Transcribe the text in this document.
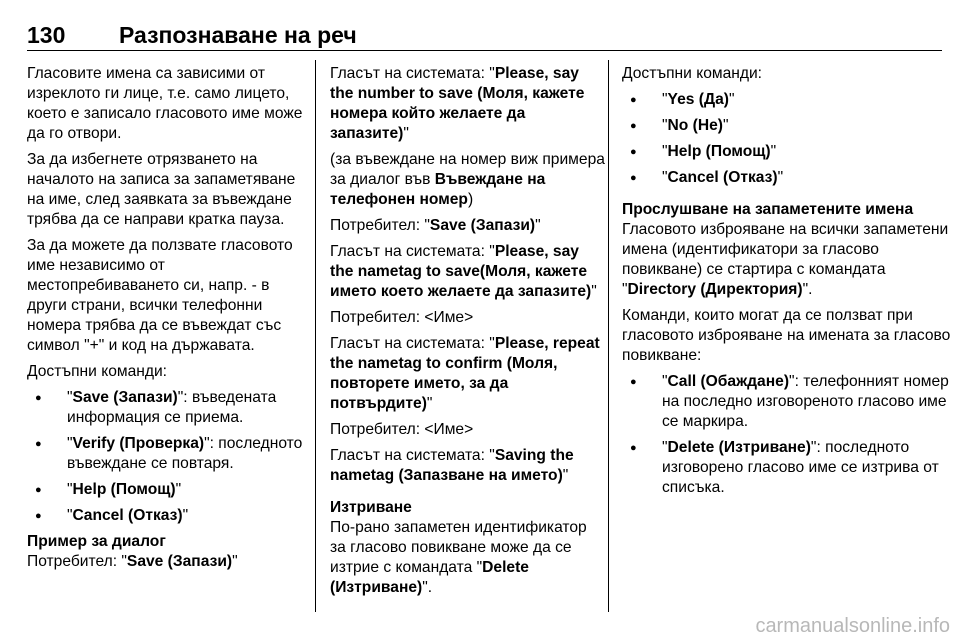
130 Разпознаване на реч

Гласовите имена са зависими от изреклото ги лице, т.е. само лицето, което е записало гласовото име може да го отвори.

За да избегнете отрязването на началото на записа за запаметяване на име, след заявката за въвеждане трябва да се направи кратка пауза.

За да можете да ползвате гласовото име независимо от местопребиваването си, напр. - в други страни, всички телефонни номера трябва да се въвеждат със символ "+" и код на държавата.

Достъпни команди:

● "Save (Запази)": въведената информация се приема.
● "Verify (Проверка)": последното въвеждане се повтаря.
● "Help (Помощ)"
● "Cancel (Отказ)"
Пример за диалог

Потребител: "Save (Запази)"

Гласът на системата: "Please, say the number to save (Моля, кажете номера който желаете да запазите)"

(за въвеждане на номер виж примера за диалог във Въвеждане на телефонен номер)

Потребител: "Save (Запази)"

Гласът на системата: "Please, say the nametag to save(Моля, кажете името което желаете да запазите)"

Потребител: <Име>

Гласът на системата: "Please, repeat the nametag to confirm (Моля, повторете името, за да потвърдите)"

Потребител: <Име>

Гласът на системата: "Saving the nametag (Запазване на името)"

Изтриване

По-рано запаметен идентификатор за гласово повикване може да се изтрие с командата "Delete (Изтриване)".

Достъпни команди:

● "Yes (Да)"
● "No (Не)"
● "Help (Помощ)"
● "Cancel (Отказ)"
Прослушване на запаметените имена

Гласовото изброяване на всички запаметени имена (идентификатори за гласово повикване) се стартира с командата "Directory (Директория)".

Команди, които могат да се ползват при гласовото изброяване на имената за гласово повикване:

● "Call (Обаждане)": телефонният номер на последно изговореното гласово име се маркира.
● "Delete (Изтриване)": последното изговорено гласово име се изтрива от списъка.
carmanualsonline.info
